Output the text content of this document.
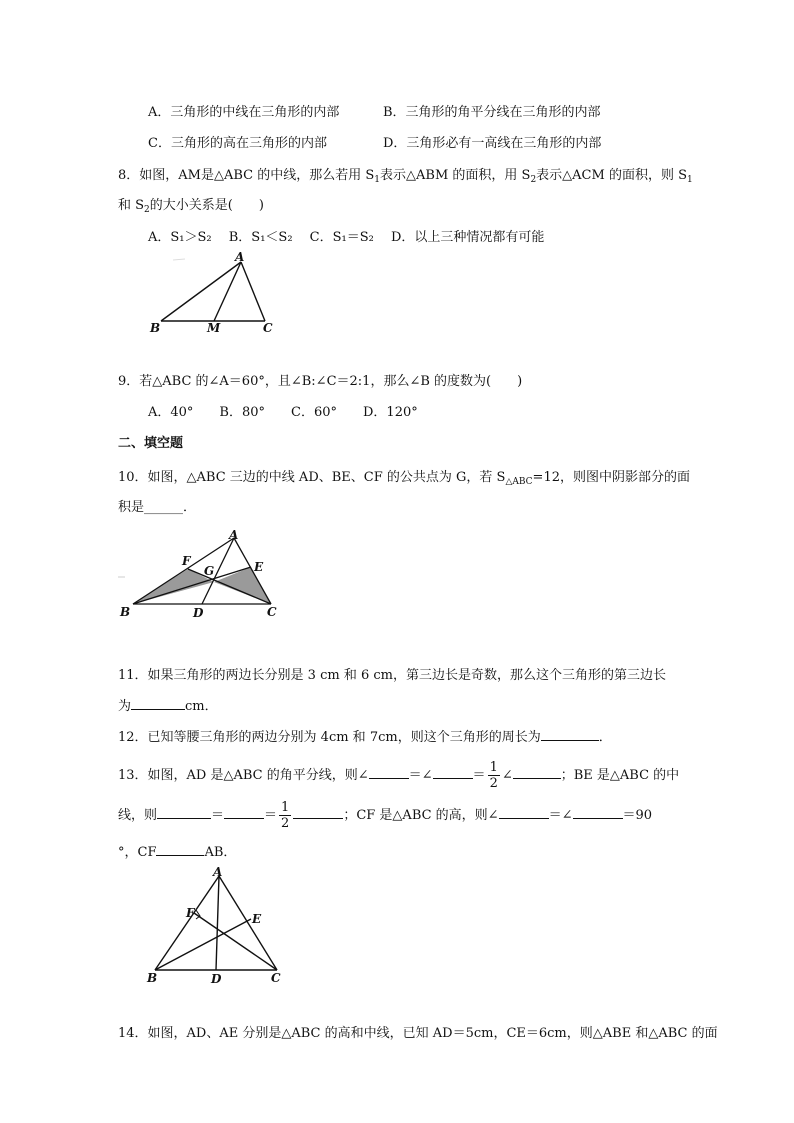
A．三角形的中线在三角形的内部	B．三角形的角平分线在三角形的内部
C．三角形的高在三角形的内部	D．三角形必有一高线在三角形的内部
8．如图，AM是△ABC 的中线，那么若用 $S_1$表示△ABM 的面积，用 $S_2$表示△ACM 的面积，则 $S_1$
和 $S_2$的大小关系是(　　)
A．S₁＞S₂　 B．S₁＜S₂　 C．S₁＝S₂　 D．以上三种情况都有可能
A
B	M	C
9．若△ABC 的∠A＝60°，且∠B:∠C＝2:1，那么∠B 的度数为(　　)
A．40°　　B．80°　　C．60°　　D．120°
二、填空题
10．如图，△ABC 三边的中线 AD、BE、CF 的公共点为 G，若 $S_{\triangle ABC}=12$，则图中阴影部分的面
积是______．
A
F
G	E
B	D	C
11．如果三角形的两边长分别是 3 cm 和 6 cm，第三边长是奇数，那么这个三角形的第三边长
为	cm．
12．已知等腰三角形的两边分别为 4cm 和 7cm，则这个三角形的周长为	．
13．如图，AD 是△ABC 的角平分线，则∠	＝∠	＝ $\frac{1}{2}$ ∠	；BE 是△ABC 的中
线，则	＝	＝ $\frac{1}{2}$	；CF 是△ABC 的高，则∠	＝∠	＝90
°，CF	AB．
A
F	E
B	D	C
14．如图，AD、AE 分别是△ABC 的高和中线，已知 AD＝5cm，CE＝6cm，则△ABE 和△ABC 的面
